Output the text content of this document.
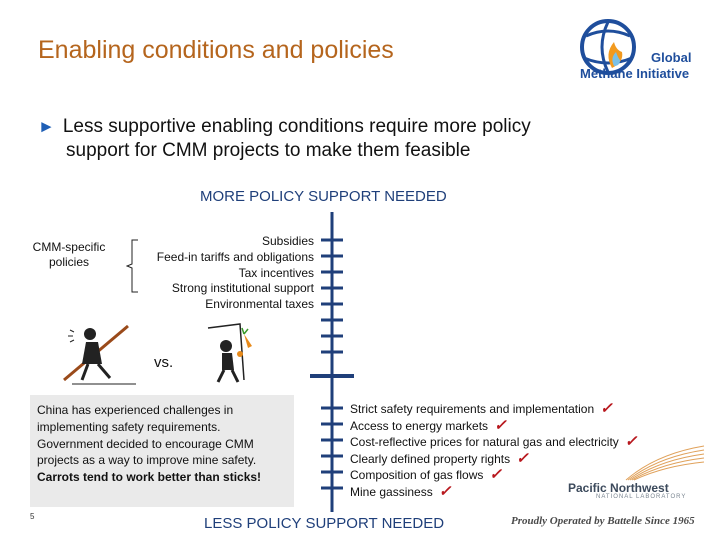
Enabling conditions and policies	Global
Methane Initiative
► Less supportive enabling conditions require more policy
support for CMM projects to make them feasible
MORE POLICY SUPPORT NEEDED
CMM-specific policies
Subsidies
Feed-in tariffs and obligations
Tax incentives
Strong institutional support
Environmental taxes
vs.
China has experienced challenges in implementing safety requirements. Government decided to encourage CMM projects as a way to improve mine safety. Carrots tend to work better than sticks!
5
Strict safety requirements and implementation ✓
Access to energy markets ✓
Cost-reflective prices for natural gas and electricity ✓
Clearly defined property rights ✓
Composition of gas flows ✓
Mine gassiness ✓	Pacific Northwest
NATIONAL LABORATORY
LESS POLICY SUPPORT NEEDED	Proudly Operated by Battelle Since 1965
